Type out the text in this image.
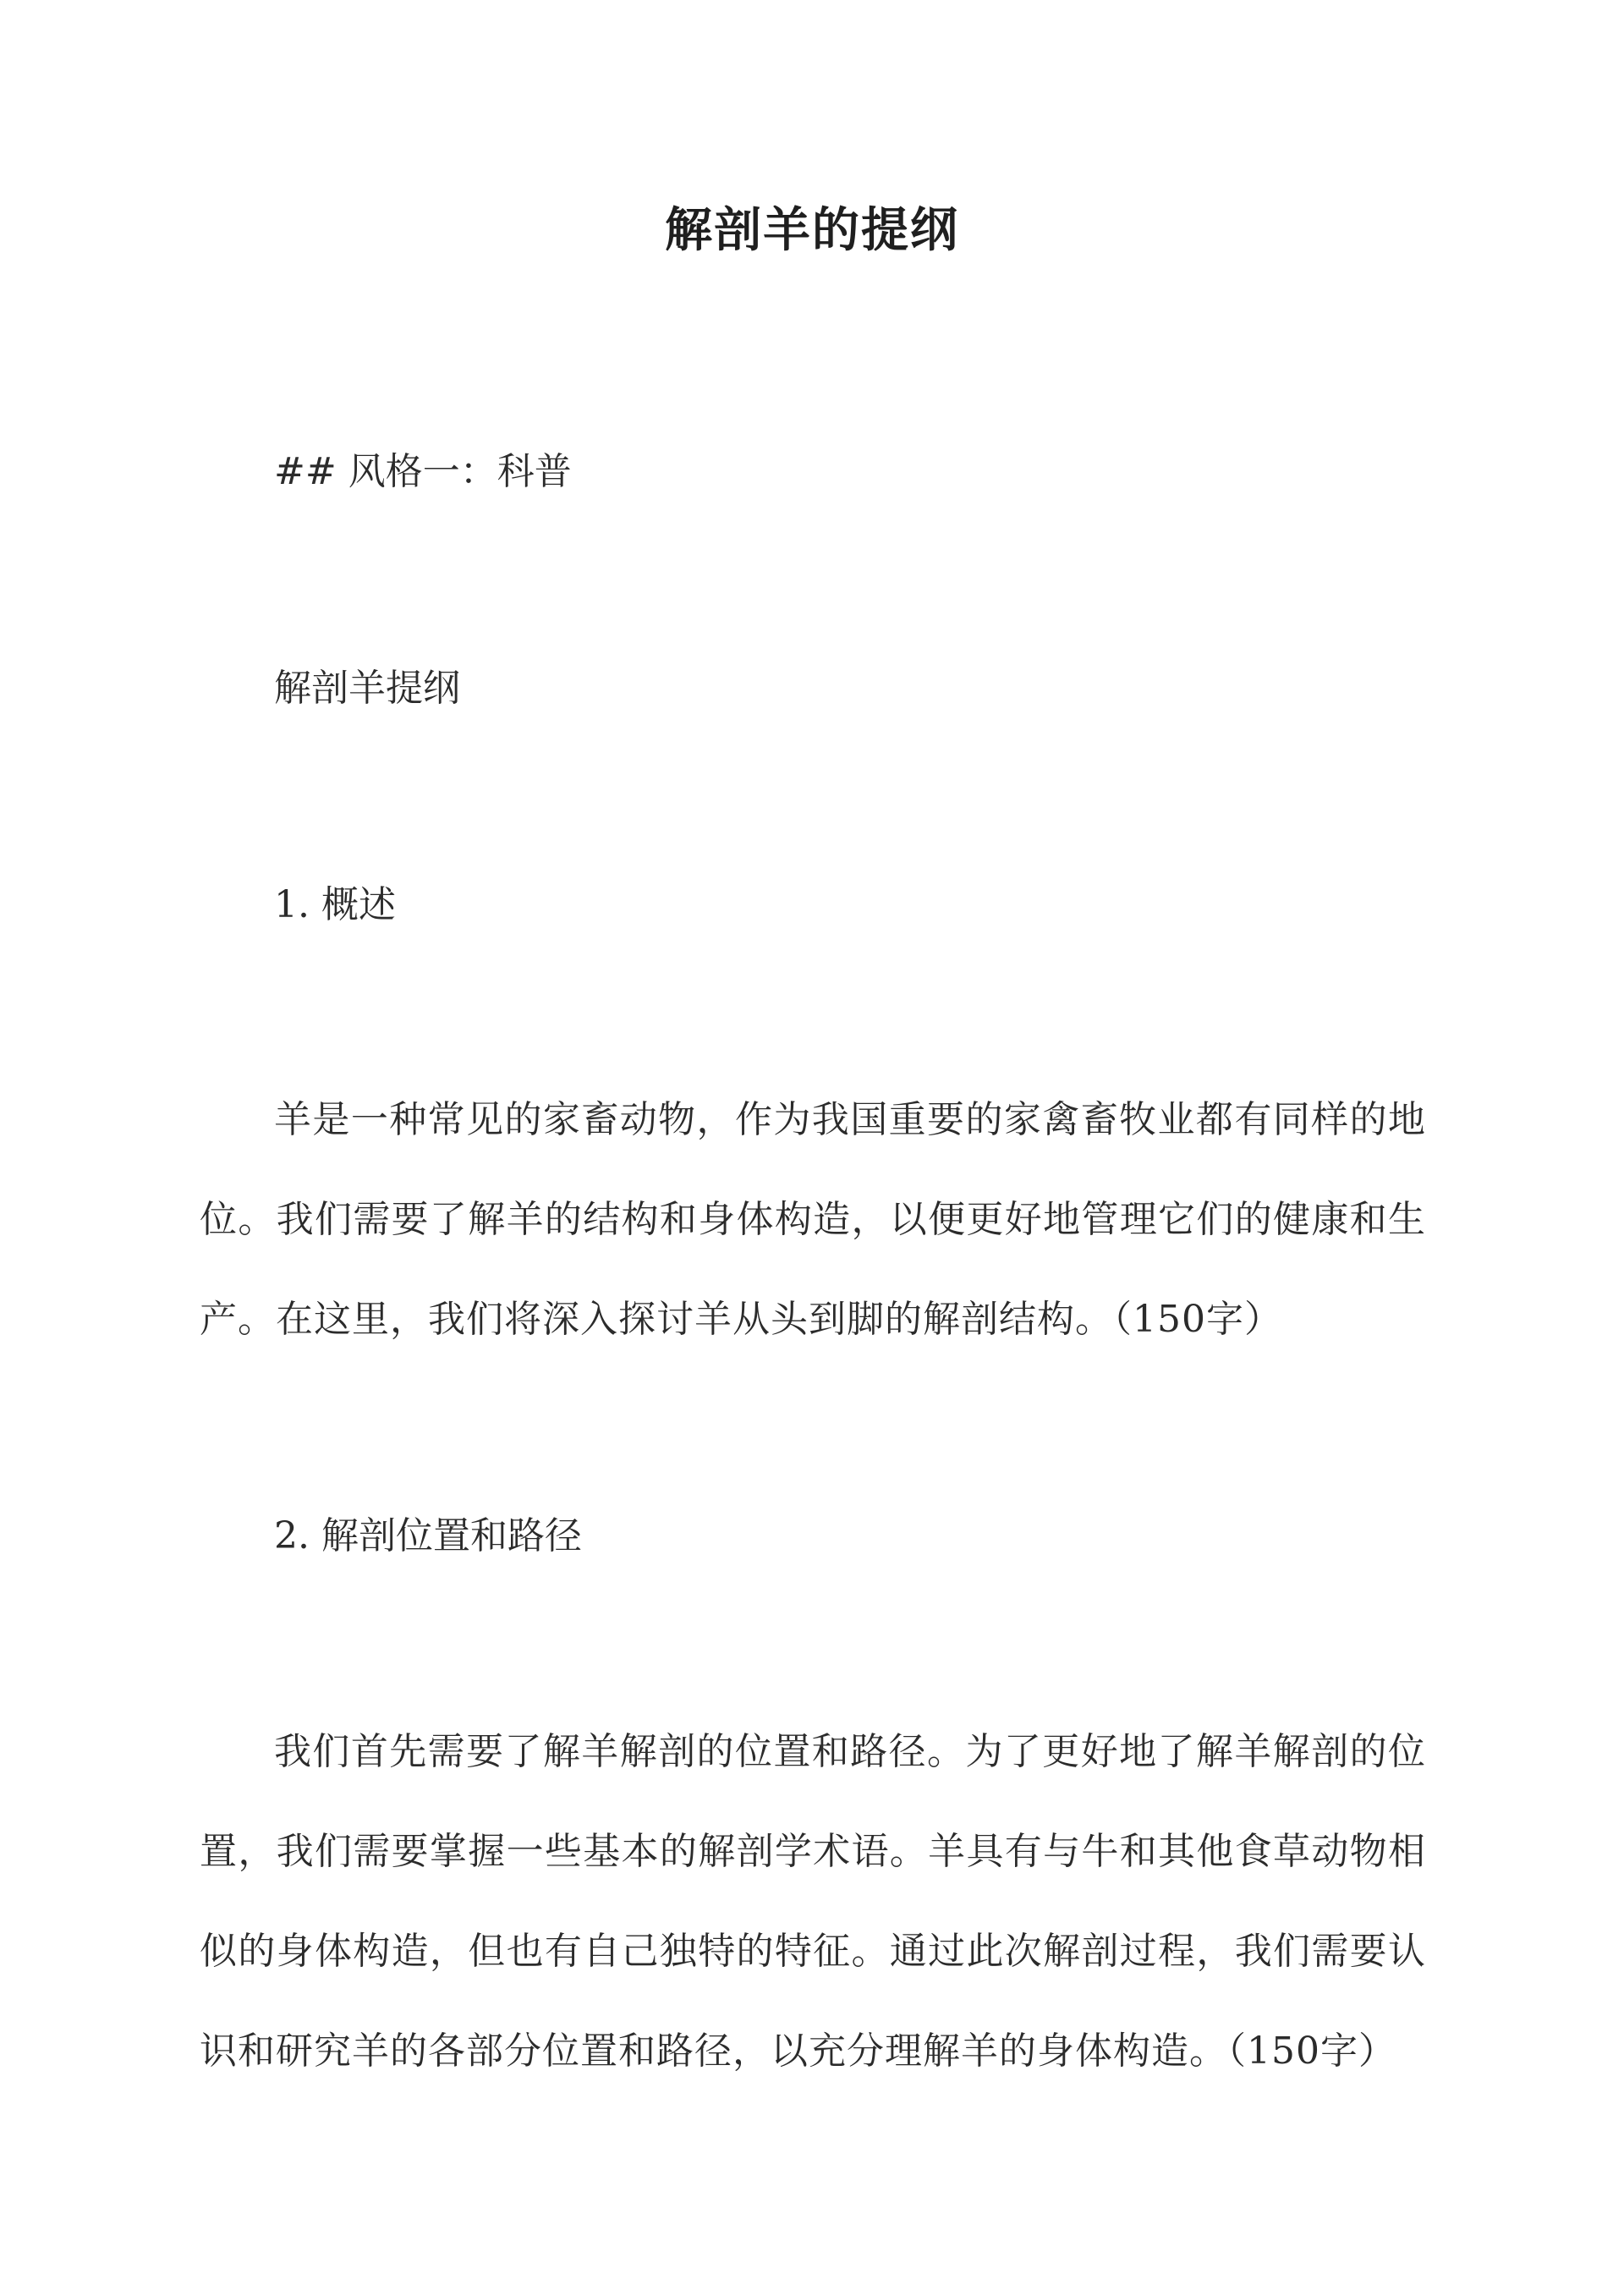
解剖羊的提纲

## 风格一：科普

解剖羊提纲

1. 概述

羊是一种常见的家畜动物，作为我国重要的家禽畜牧业都有同样的地位。我们需要了解羊的结构和身体构造，以便更好地管理它们的健康和生产。在这里，我们将深入探讨羊从头到脚的解剖结构。（150字）

2. 解剖位置和路径

我们首先需要了解羊解剖的位置和路径。为了更好地了解羊解剖的位置，我们需要掌握一些基本的解剖学术语。羊具有与牛和其他食草动物相似的身体构造，但也有自己独特的特征。通过此次解剖过程，我们需要认识和研究羊的各部分位置和路径，以充分理解羊的身体构造。（150字）
